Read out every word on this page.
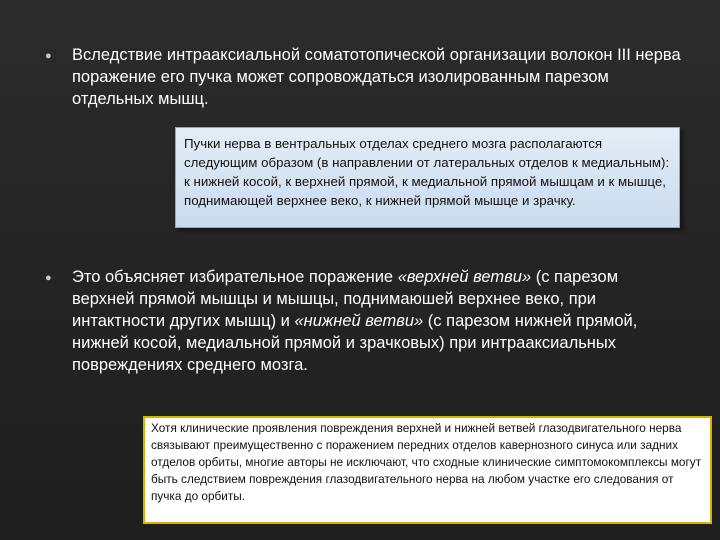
● Вследствие интрааксиальной соматотопической организации волокон III нерва поражение его пучка может сопровождаться изолированным парезом отдельных мышц.
Пучки нерва в вентральных отделах среднего мозга располагаются следующим образом (в направлении от латеральных отделов к медиальным): к нижней косой, к верхней прямой, к медиальной прямой мышцам и к мышце, поднимающей верхнее веко, к нижней прямой мышце и зрачку.
● Это объясняет избирательное поражение «верхней ветви» (с парезом верхней прямой мышцы и мышцы, поднимаюшей верхнее веко, при интактности других мышц) и «нижней ветви» (с парезом нижней прямой, нижней косой, медиальной прямой и зрачковых) при интрааксиальных повреждениях среднего мозга.
Хотя клинические проявления повреждения верхней и нижней ветвей глазодвигательного нерва связывают преимущественно с поражением передних отделов кавернозного синуса или задних отделов орбиты, многие авторы не исключают, что сходные клинические симптомокомплексы могут быть следствием повреждения глазодвигательного нерва на любом участке его следования от пучка до орбиты.
